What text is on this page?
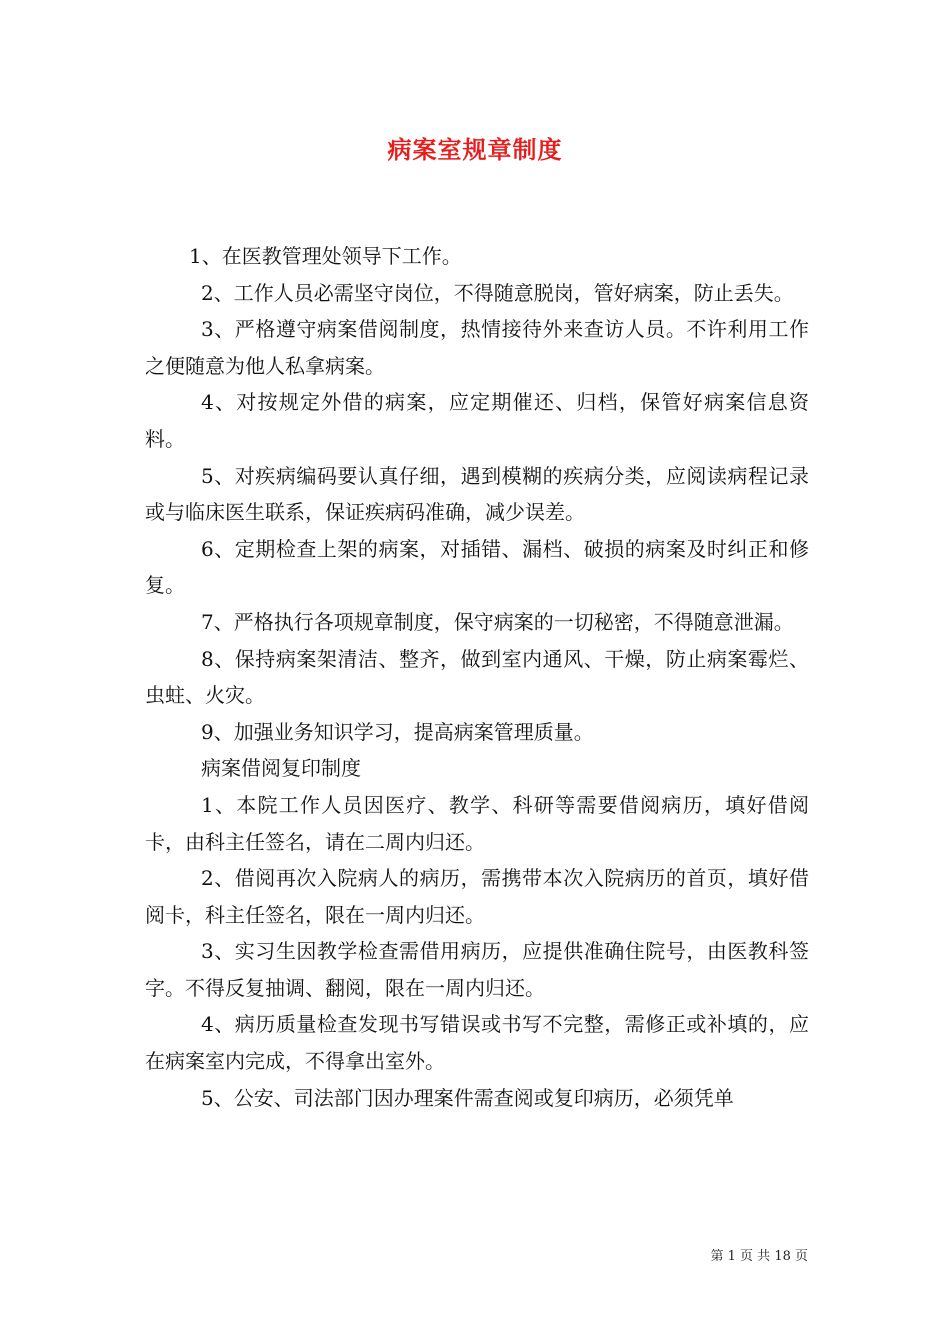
病案室规章制度

1、在医教管理处领导下工作。

2、工作人员必需坚守岗位，不得随意脱岗，管好病案，防止丢失。

3、严格遵守病案借阅制度，热情接待外来查访人员。不许利用工作之便随意为他人私拿病案。

4、对按规定外借的病案，应定期催还、归档，保管好病案信息资料。

5、对疾病编码要认真仔细，遇到模糊的疾病分类，应阅读病程记录或与临床医生联系，保证疾病码准确，减少误差。

6、定期检查上架的病案，对插错、漏档、破损的病案及时纠正和修复。

7、严格执行各项规章制度，保守病案的一切秘密，不得随意泄漏。

8、保持病案架清洁、整齐，做到室内通风、干燥，防止病案霉烂、虫蛀、火灾。

9、加强业务知识学习，提高病案管理质量。

病案借阅复印制度

1、本院工作人员因医疗、教学、科研等需要借阅病历，填好借阅卡，由科主任签名，请在二周内归还。

2、借阅再次入院病人的病历，需携带本次入院病历的首页，填好借阅卡，科主任签名，限在一周内归还。

3、实习生因教学检查需借用病历，应提供准确住院号，由医教科签字。不得反复抽调、翻阅，限在一周内归还。

4、病历质量检查发现书写错误或书写不完整，需修正或补填的，应在病案室内完成，不得拿出室外。

5、公安、司法部门因办理案件需查阅或复印病历，必须凭单

第 1 页 共 18 页
